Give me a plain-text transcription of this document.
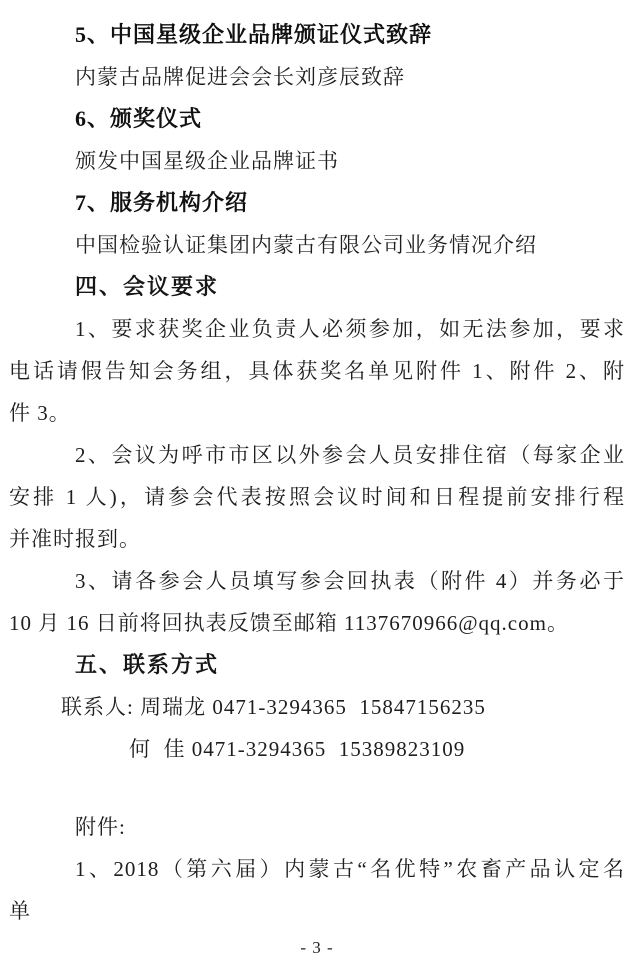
5、中国星级企业品牌颁证仪式致辞
内蒙古品牌促进会会长刘彦辰致辞
6、颁奖仪式
颁发中国星级企业品牌证书
7、服务机构介绍
中国检验认证集团内蒙古有限公司业务情况介绍
四、会议要求
1、要求获奖企业负责人必须参加，如无法参加，要求
电话请假告知会务组，具体获奖名单见附件 1、附件 2、附
件 3。
2、会议为呼市市区以外参会人员安排住宿（每家企业
安排 1 人)，请参会代表按照会议时间和日程提前安排行程
并准时报到。
3、请各参会人员填写参会回执表（附件 4）并务必于
10 月 16 日前将回执表反馈至邮箱 1137670966@qq.com。
五、联系方式
联系人: 周瑞龙 0471-3294365  15847156235
何  佳 0471-3294365  15389823109
附件:
1、2018（第六届）内蒙古“名优特”农畜产品认定名
单
- 3 -
